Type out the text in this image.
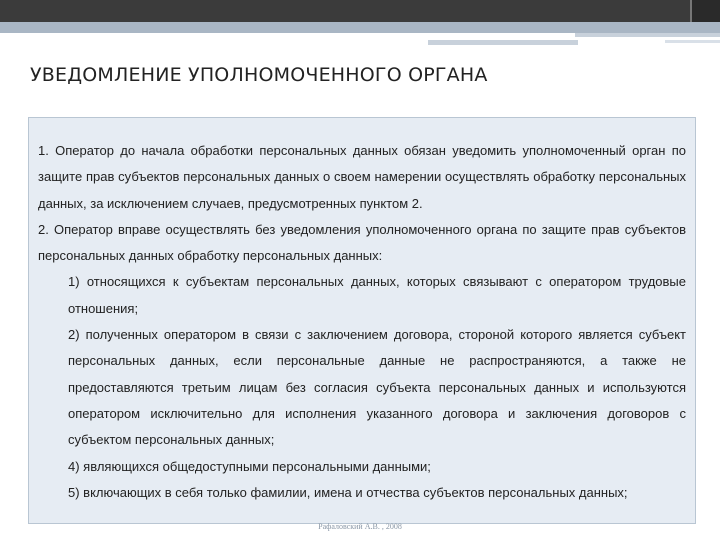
УВЕДОМЛЕНИЕ УПОЛНОМОЧЕННОГО ОРГАНА

1. Оператор до начала обработки персональных данных обязан уведомить уполномоченный орган по защите прав субъектов персональных данных о своем намерении осуществлять обработку персональных данных, за исключением случаев, предусмотренных пунктом 2.

2. Оператор вправе осуществлять без уведомления уполномоченного органа по защите прав субъектов персональных данных обработку персональных данных:

1) относящихся к субъектам персональных данных, которых связывают с оператором трудовые отношения;

2) полученных оператором в связи с заключением договора, стороной которого является субъект персональных данных, если персональные данные не распространяются, а также не предоставляются третьим лицам без согласия субъекта персональных данных и используются оператором исключительно для исполнения указанного договора и заключения договоров с субъектом персональных данных;

4) являющихся общедоступными персональными данными;

5) включающих в себя только фамилии, имена и отчества субъектов персональных данных;

Рафаловский А.В. , 2008
